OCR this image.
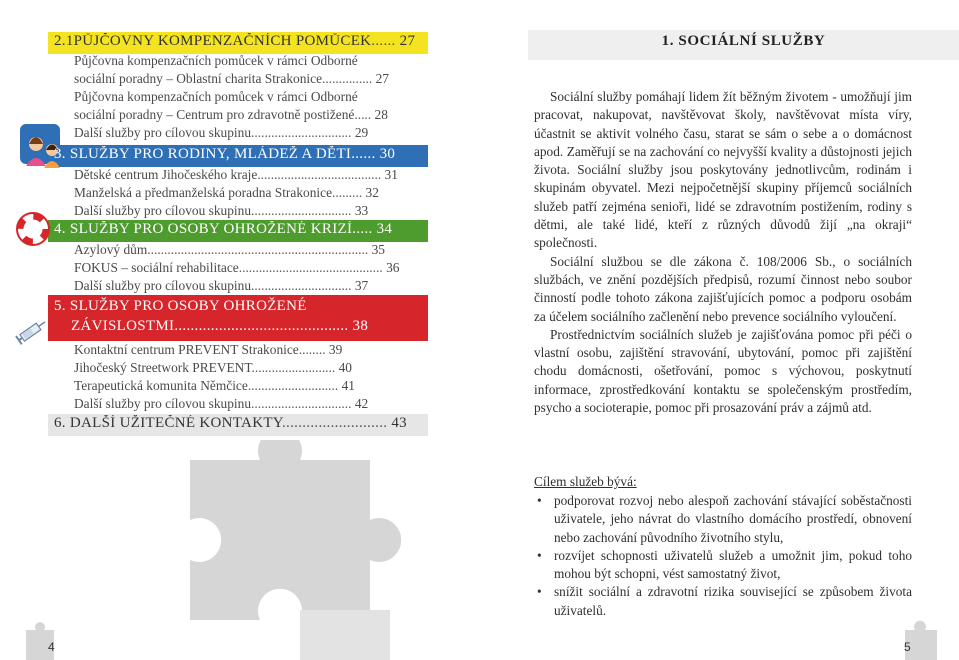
2.1PŮJČOVNY KOMPENZAČNÍCH POMŮCEK...... 27
Půjčovna kompenzačních pomůcek v rámci Odborné
sociální poradny – Oblastní charita Strakonice............... 27
Půjčovna kompenzačních pomůcek v rámci Odborné
sociální poradny – Centrum pro zdravotně postižené..... 28
Další služby pro cílovou skupinu.............................. 29
3. SLUŽBY PRO RODINY, MLÁDEŽ A DĚTI...... 30
Dětské centrum Jihočeského kraje..................................... 31
Manželská a předmanželská poradna Strakonice......... 32
Další služby pro cílovou skupinu.............................. 33
4. SLUŽBY PRO OSOBY OHROŽENÉ KRIZÍ..... 34
Azylový dům.................................................................. 35
FOKUS – sociální rehabilitace........................................... 36
Další služby pro cílovou skupinu.............................. 37
5. SLUŽBY PRO OSOBY OHROŽENÉ
ZÁVISLOSTMI........................................... 38
Kontaktní centrum PREVENT Strakonice........ 39
Jihočeský Streetwork PREVENT......................... 40
Terapeutická komunita Němčice........................... 41
Další služby pro cílovou skupinu.............................. 42
6. DALŠÍ UŽITEČNÉ KONTAKTY.......................... 43
4
1. SOCIÁLNÍ SLUŽBY

Sociální služby pomáhají lidem žít běžným životem - umožňují jim pracovat, nakupovat, navštěvovat školy, navštěvovat místa víry, účastnit se aktivit volného času, starat se sám o sebe a o domácnost apod. Zaměřují se na zachování co nejvyšší kvality a důstojnosti jejich života. Sociální služby jsou poskytovány jednotlivcům, rodinám i skupinám obyvatel. Mezi nejpočetnější skupiny příjemců sociálních služeb patří zejména senioři, lidé se zdravotním postižením, rodiny s dětmi, ale také lidé, kteří z různých důvodů žijí „na okraji“ společnosti.

Sociální službou se dle zákona č. 108/2006 Sb., o sociálních službách, ve znění pozdějších předpisů, rozumí činnost nebo soubor činností podle tohoto zákona zajišťujících pomoc a podporu osobám za účelem sociálního začlenění nebo prevence sociálního vyloučení.

Prostřednictvím sociálních služeb je zajišťována pomoc při péči o vlastní osobu, zajištění stravování, ubytování, pomoc při zajištění chodu domácnosti, ošetřování, pomoc s výchovou, poskytnutí informace, zprostředkování kontaktu se společenským prostředím, psycho a socioterapie, pomoc při prosazování práv a zájmů atd.

Cílem služeb bývá:
• podporovat rozvoj nebo alespoň zachování stávající soběstačnosti uživatele, jeho návrat do vlastního domácího prostředí, obnovení nebo zachování původního životního stylu,
• rozvíjet schopnosti uživatelů služeb a umožnit jim, pokud toho mohou být schopni, vést samostatný život,
• snížit sociální a zdravotní rizika související se způsobem života uživatelů.
5
